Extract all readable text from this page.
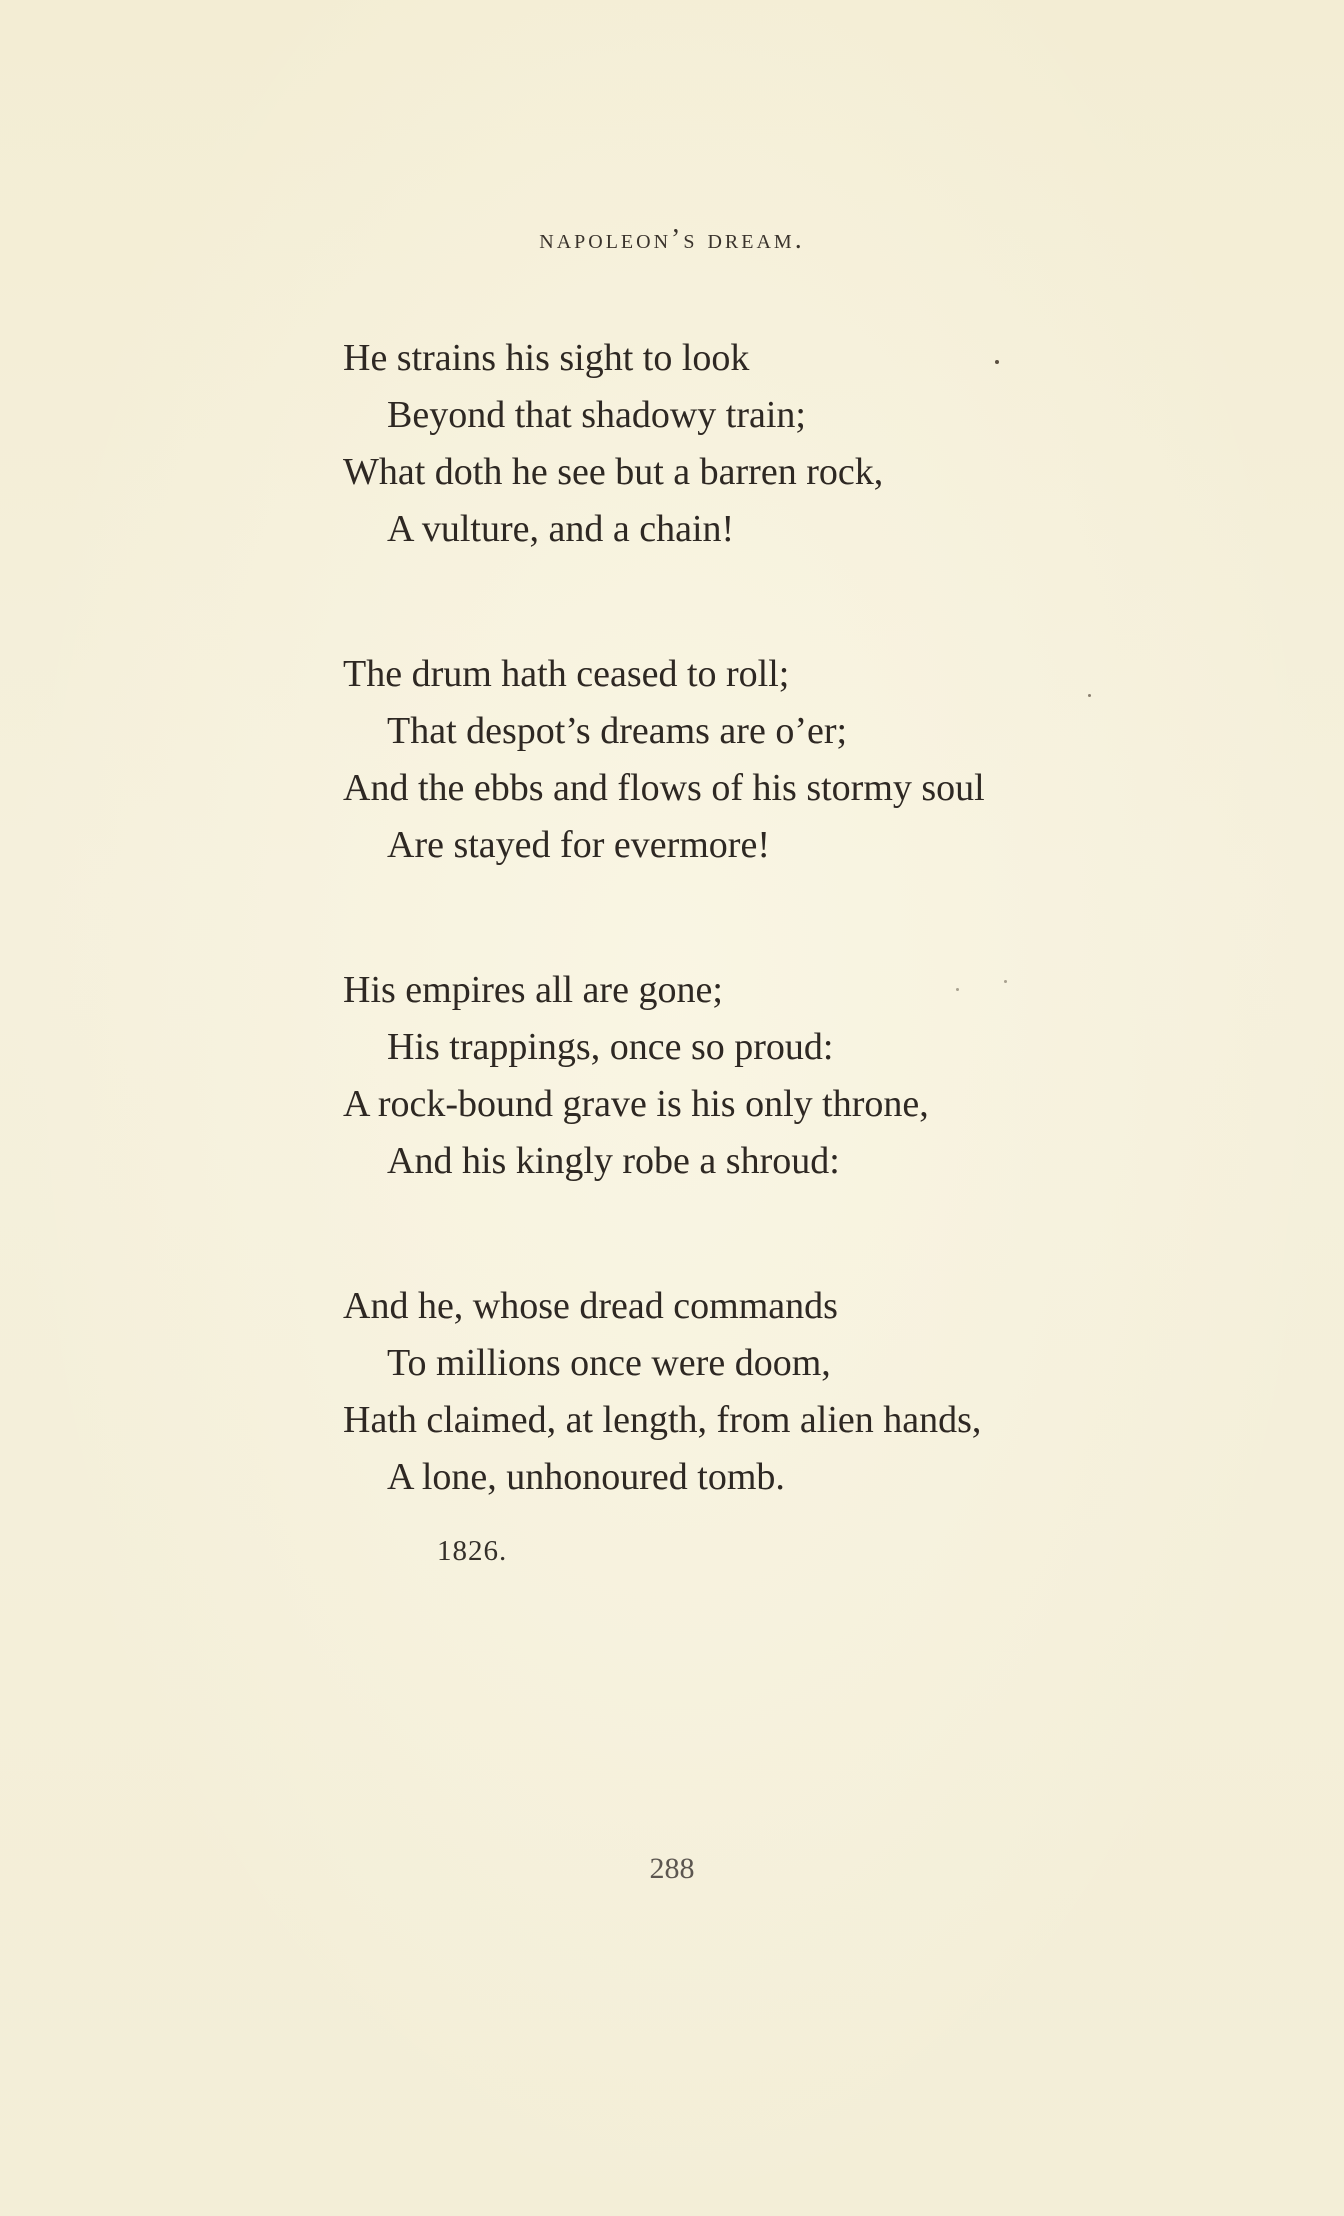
napoleon’s dream.
He strains his sight to look
Beyond that shadowy train;
What doth he see but a barren rock,
A vulture, and a chain!
The drum hath ceased to roll;
That despot’s dreams are o’er;
And the ebbs and flows of his stormy soul
Are stayed for evermore!
His empires all are gone;
His trappings, once so proud:
A rock-bound grave is his only throne,
And his kingly robe a shroud:
And he, whose dread commands
To millions once were doom,
Hath claimed, at length, from alien hands,
A lone, unhonoured tomb.
1826.
288
